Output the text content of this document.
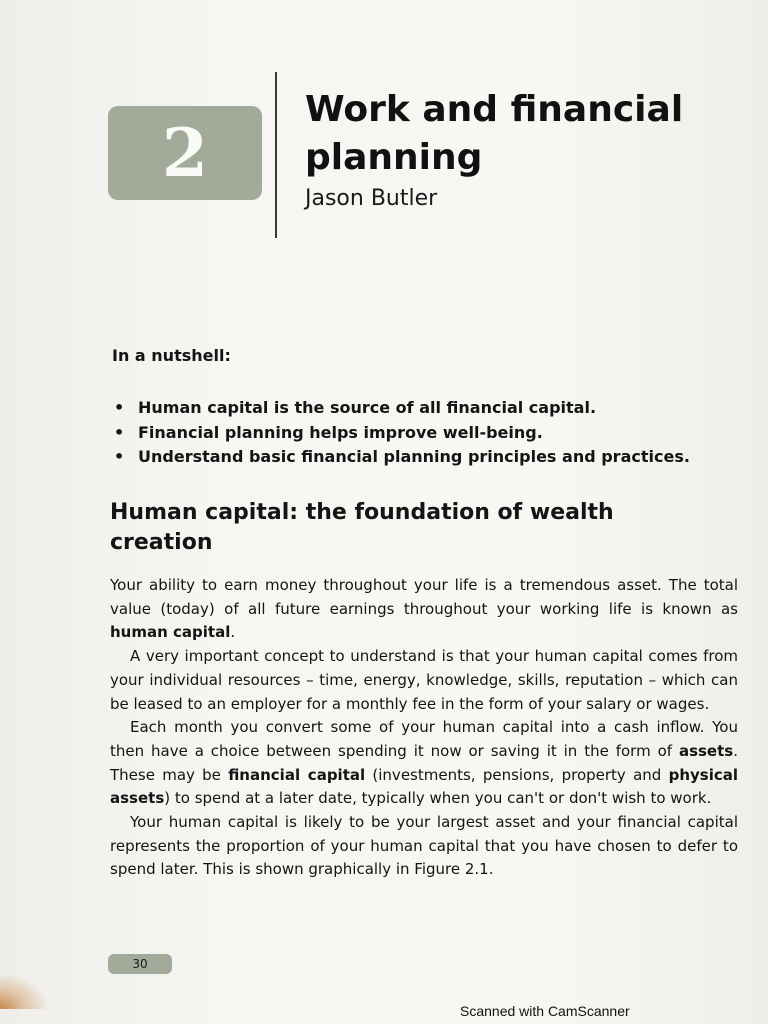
2
Work and financial planning

Jason Butler

In a nutshell:

• Human capital is the source of all financial capital.
• Financial planning helps improve well-being.
• Understand basic financial planning principles and practices.
Human capital: the foundation of wealth creation

Your ability to earn money throughout your life is a tremendous asset. The total value (today) of all future earnings throughout your working life is known as human capital.

A very important concept to understand is that your human capital comes from your individual resources – time, energy, knowledge, skills, reputation – which can be leased to an employer for a monthly fee in the form of your salary or wages.

Each month you convert some of your human capital into a cash inflow. You then have a choice between spending it now or saving it in the form of assets. These may be financial capital (investments, pensions, property and physical assets) to spend at a later date, typically when you can't or don't wish to work.

Your human capital is likely to be your largest asset and your financial capital represents the proportion of your human capital that you have chosen to defer to spend later. This is shown graphically in Figure 2.1.

30
Scanned with CamScanner
